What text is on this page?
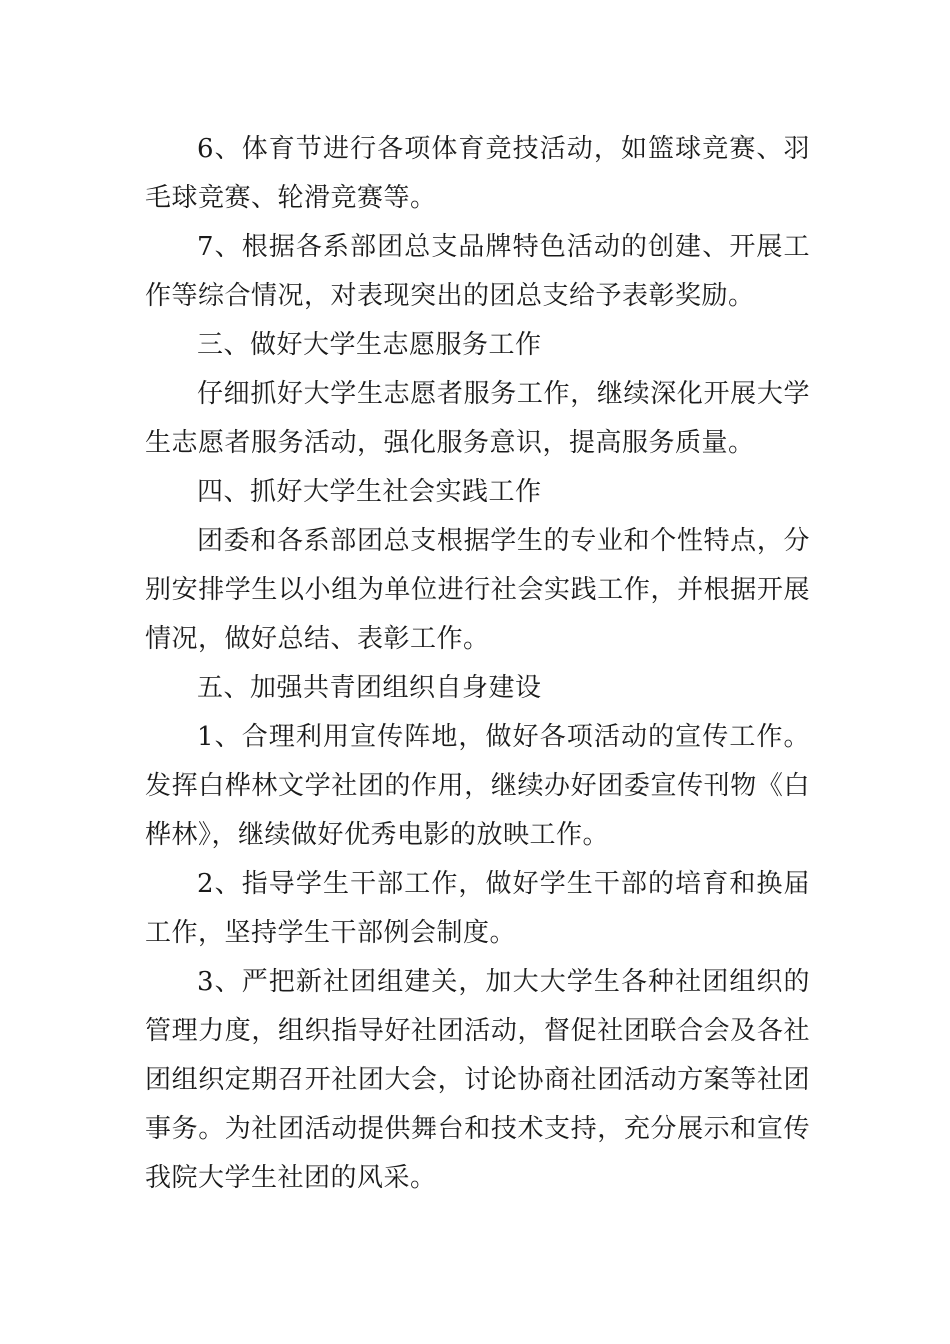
6、体育节进行各项体育竞技活动，如篮球竞赛、羽毛球竞赛、轮滑竞赛等。

7、根据各系部团总支品牌特色活动的创建、开展工作等综合情况，对表现突出的团总支给予表彰奖励。

三、做好大学生志愿服务工作

仔细抓好大学生志愿者服务工作，继续深化开展大学生志愿者服务活动，强化服务意识，提高服务质量。

四、抓好大学生社会实践工作

团委和各系部团总支根据学生的专业和个性特点，分别安排学生以小组为单位进行社会实践工作，并根据开展情况，做好总结、表彰工作。

五、加强共青团组织自身建设

1、合理利用宣传阵地，做好各项活动的宣传工作。发挥白桦林文学社团的作用，继续办好团委宣传刊物《白桦林》，继续做好优秀电影的放映工作。

2、指导学生干部工作，做好学生干部的培育和换届工作，坚持学生干部例会制度。

3、严把新社团组建关，加大大学生各种社团组织的管理力度，组织指导好社团活动，督促社团联合会及各社团组织定期召开社团大会，讨论协商社团活动方案等社团事务。为社团活动提供舞台和技术支持，充分展示和宣传我院大学生社团的风采。
